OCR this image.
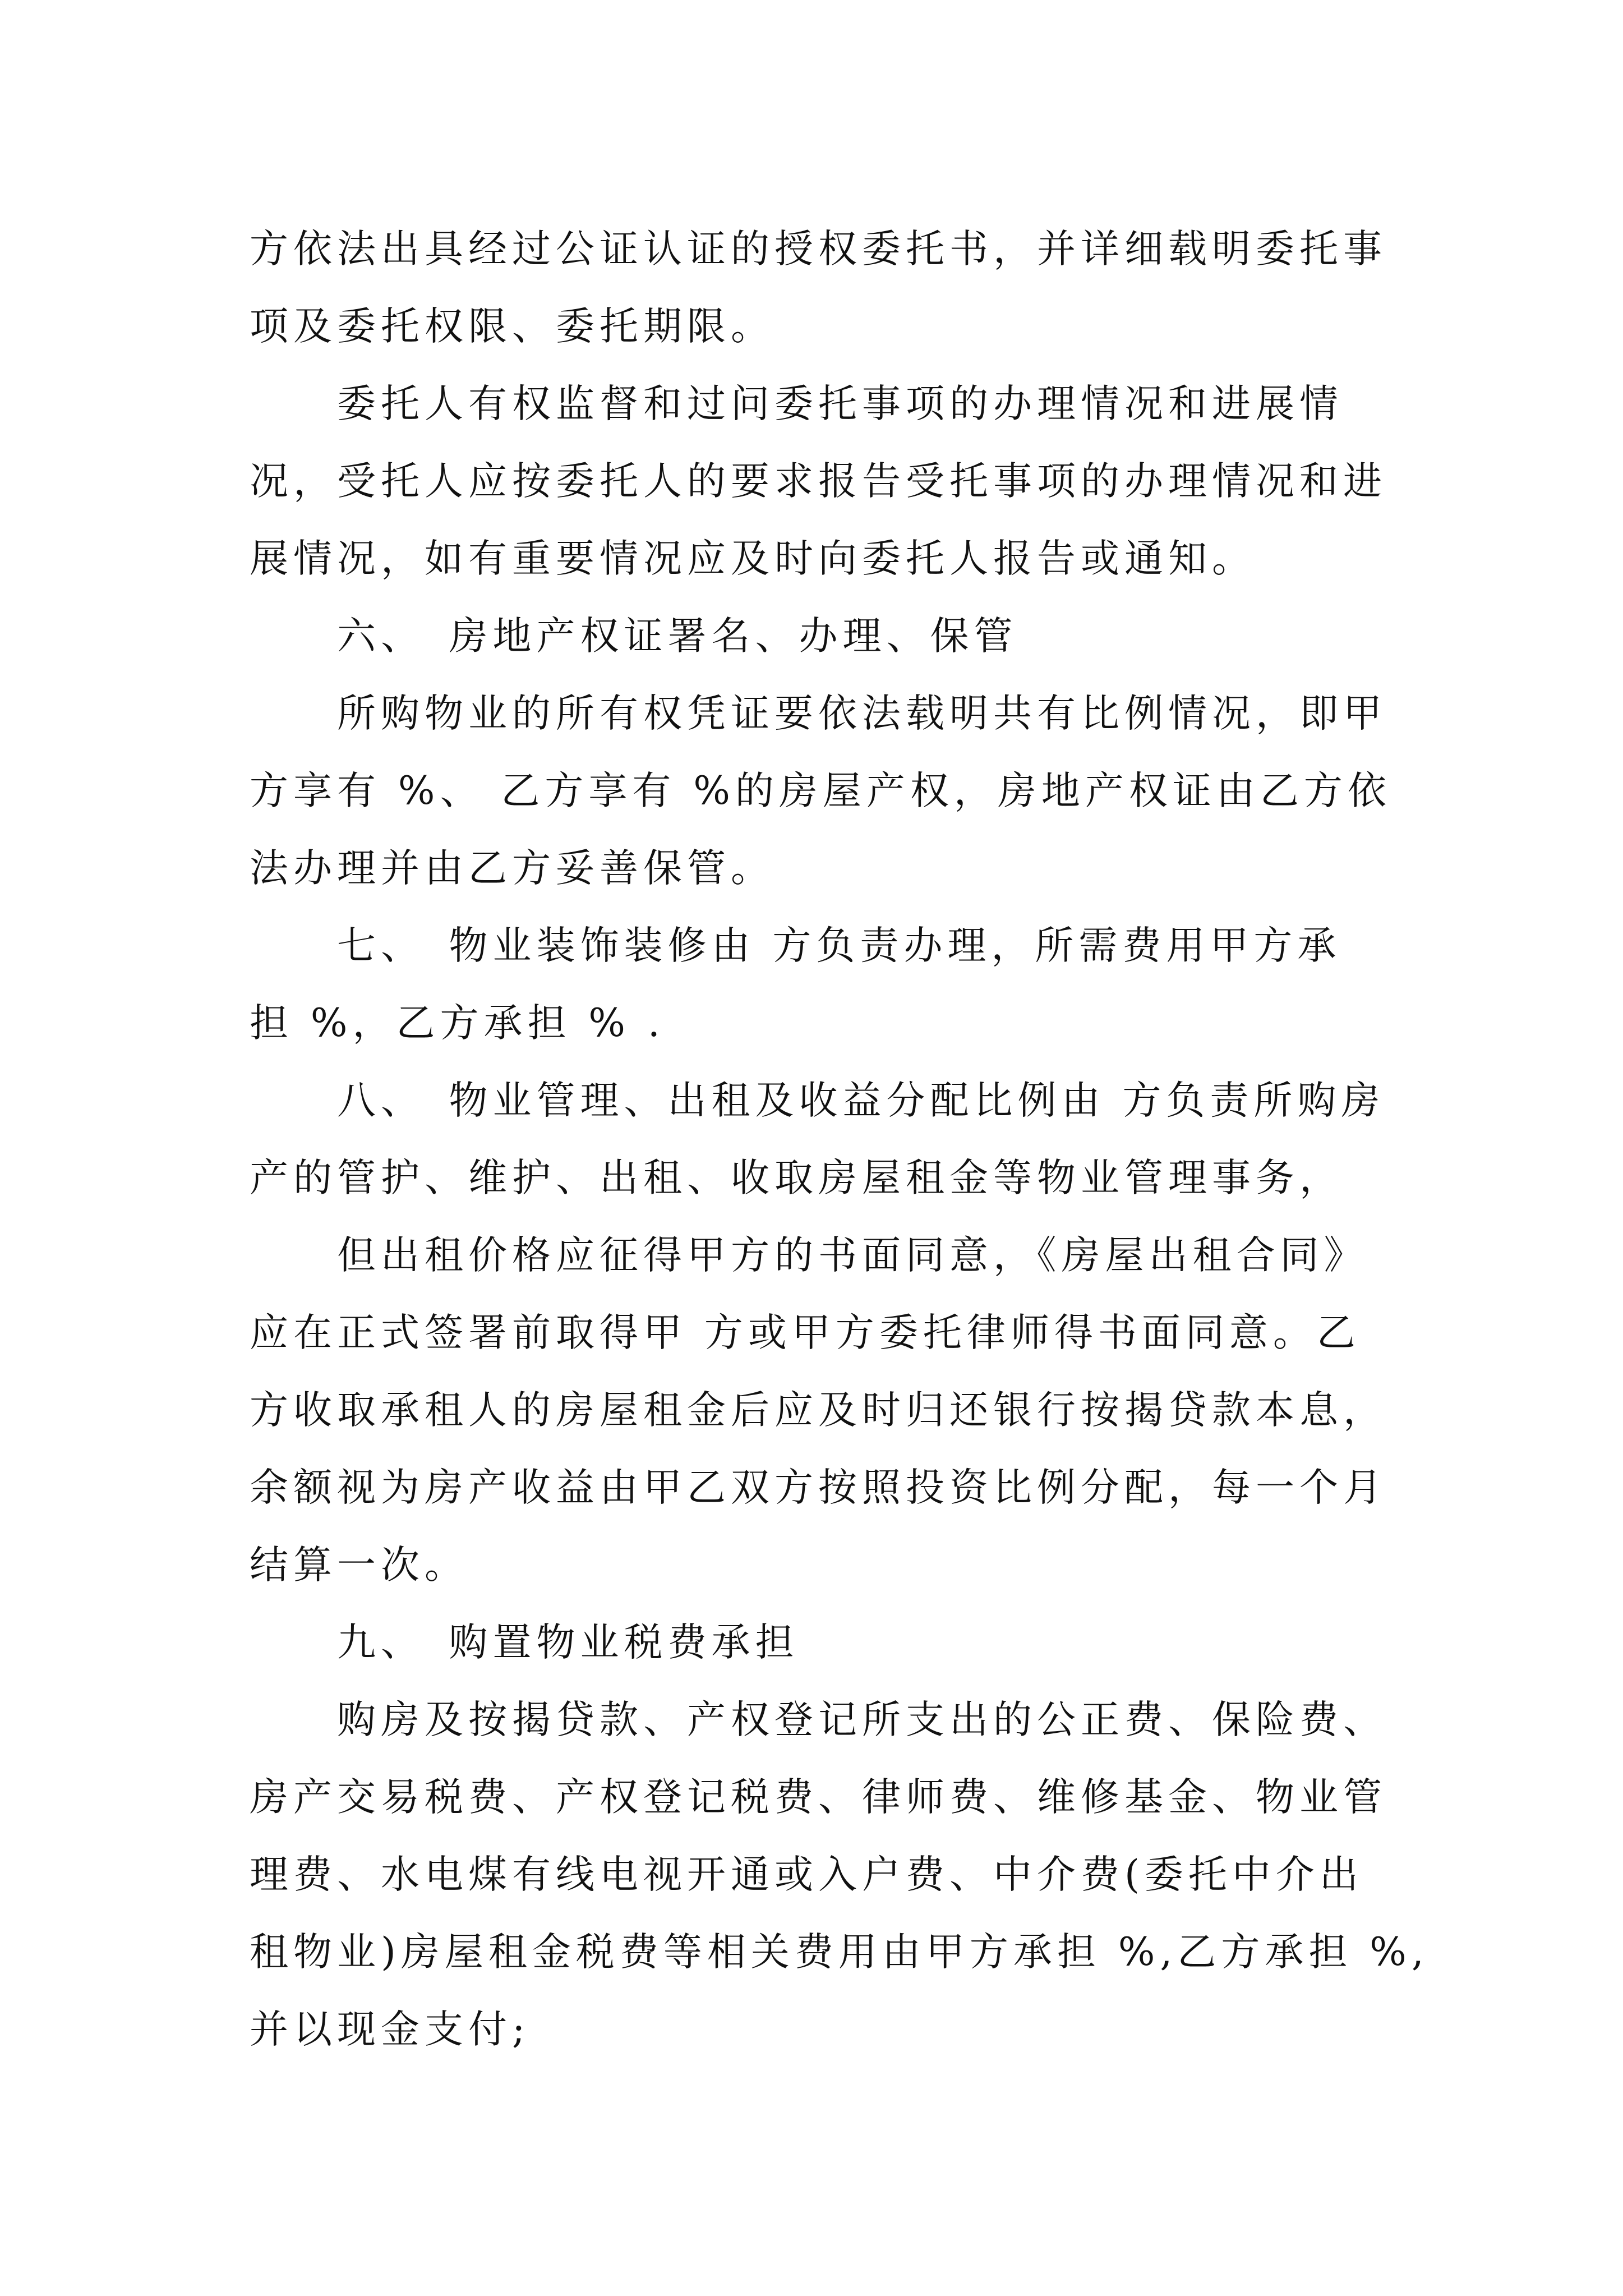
方依法出具经过公证认证的授权委托书，并详细载明委托事
项及委托权限、委托期限。
　　委托人有权监督和过问委托事项的办理情况和进展情
况，受托人应按委托人的要求报告受托事项的办理情况和进
展情况，如有重要情况应及时向委托人报告或通知。
　　六、　房地产权证署名、办理、保管
　　所购物业的所有权凭证要依法载明共有比例情况，即甲
方享有 %、 乙方享有 %的房屋产权，房地产权证由乙方依
法办理并由乙方妥善保管。
　　七、　物业装饰装修由 方负责办理，所需费用甲方承
担 %，乙方承担 % .
　　八、　物业管理、出租及收益分配比例由 方负责所购房
产的管护、维护、出租、收取房屋租金等物业管理事务，
　　但出租价格应征得甲方的书面同意，《房屋出租合同》
应在正式签署前取得甲 方或甲方委托律师得书面同意。乙
方收取承租人的房屋租金后应及时归还银行按揭贷款本息，
余额视为房产收益由甲乙双方按照投资比例分配，每一个月
结算一次。
　　九、　购置物业税费承担
　　购房及按揭贷款、产权登记所支出的公正费、保险费、
房产交易税费、产权登记税费、律师费、维修基金、物业管
理费、水电煤有线电视开通或入户费、中介费(委托中介出
租物业)房屋租金税费等相关费用由甲方承担 %,乙方承担 %,
并以现金支付;
